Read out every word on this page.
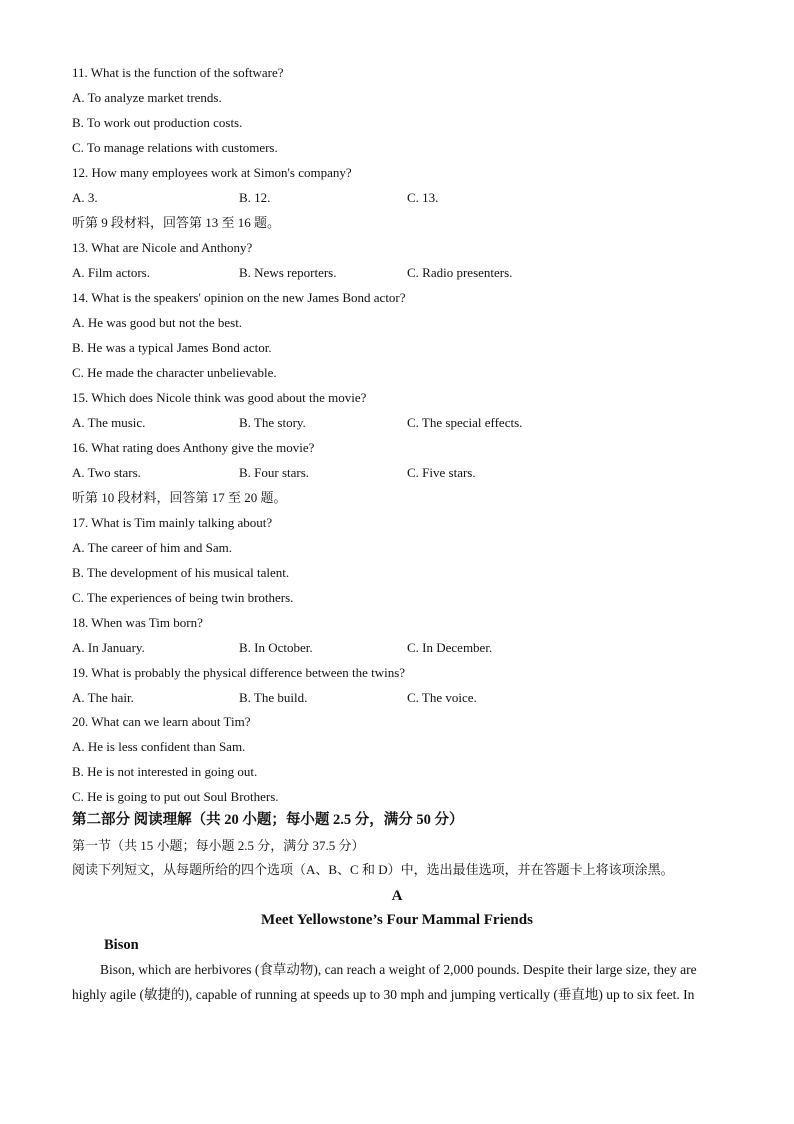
11. What is the function of the software?
A. To analyze market trends.
B. To work out production costs.
C. To manage relations with customers.
12. How many employees work at Simon's company?
A. 3.	B. 12.	C. 13.
听第 9 段材料，回答第 13 至 16 题。
13. What are Nicole and Anthony?
A. Film actors.	B. News reporters.	C. Radio presenters.
14. What is the speakers' opinion on the new James Bond actor?
A. He was good but not the best.
B. He was a typical James Bond actor.
C. He made the character unbelievable.
15. Which does Nicole think was good about the movie?
A. The music.	B. The story.	C. The special effects.
16. What rating does Anthony give the movie?
A. Two stars.	B. Four stars.	C. Five stars.
听第 10 段材料，回答第 17 至 20 题。
17. What is Tim mainly talking about?
A. The career of him and Sam.
B. The development of his musical talent.
C. The experiences of being twin brothers.
18. When was Tim born?
A. In January.	B. In October.	C. In December.
19. What is probably the physical difference between the twins?
A. The hair.	B. The build.	C. The voice.
20. What can we learn about Tim?
A. He is less confident than Sam.
B. He is not interested in going out.
C. He is going to put out Soul Brothers.
第二部分 阅读理解（共 20 小题；每小题 2.5 分，满分 50 分）
第一节（共 15 小题；每小题 2.5 分，满分 37.5 分）
阅读下列短文，从每题所给的四个选项（A、B、C 和 D）中，选出最佳选项，并在答题卡上将该项涂黑。
A
Meet Yellowstone’s Four Mammal Friends
Bison
Bison, which are herbivores (食草动物), can reach a weight of 2,000 pounds. Despite their large size, they are
highly agile (敏捷的), capable of running at speeds up to 30 mph and jumping vertically (垂直地) up to six feet. In
